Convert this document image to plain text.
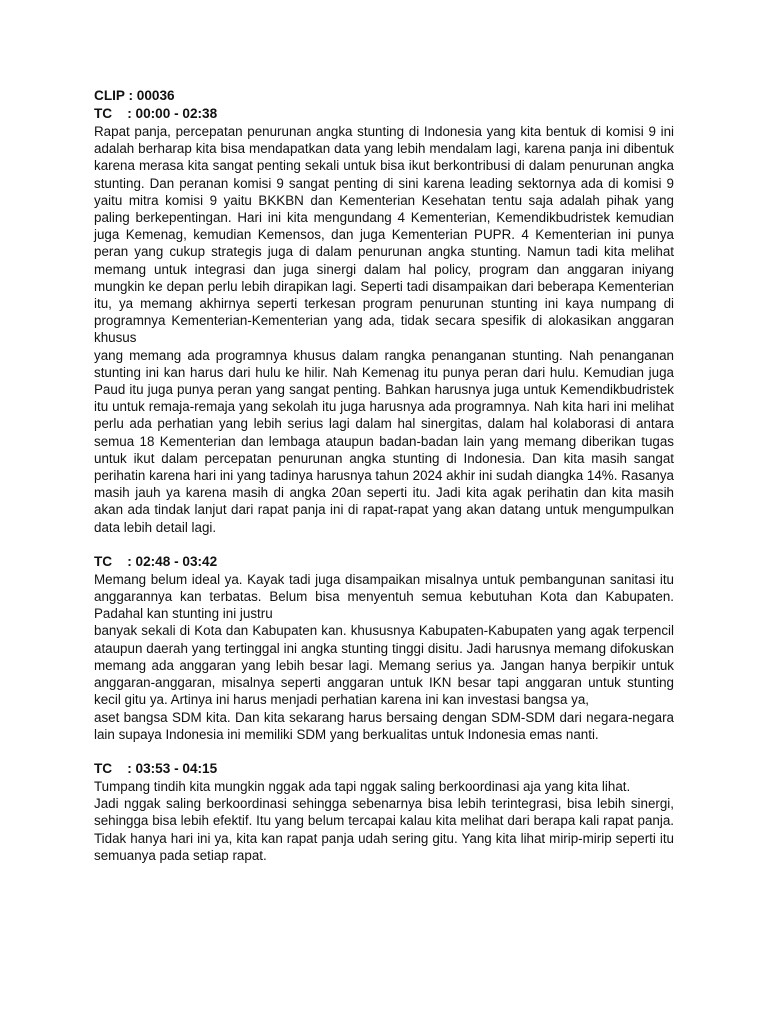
CLIP : 00036

TC    : 00:00 - 02:38

Rapat panja, percepatan penurunan angka stunting di Indonesia yang kita bentuk di komisi 9 ini adalah berharap kita bisa mendapatkan data yang lebih mendalam lagi, karena panja ini dibentuk karena merasa kita sangat penting sekali untuk bisa ikut berkontribusi di dalam penurunan angka stunting. Dan peranan komisi 9 sangat penting di sini karena leading sektornya ada di komisi 9 yaitu mitra komisi 9 yaitu BKKBN dan Kementerian Kesehatan tentu saja adalah pihak yang paling berkepentingan. Hari ini kita mengundang 4 Kementerian, Kemendikbudristek kemudian juga Kemenag, kemudian Kemensos, dan juga Kementerian PUPR. 4 Kementerian ini punya peran yang cukup strategis juga di dalam penurunan angka stunting. Namun tadi kita melihat memang untuk integrasi dan juga sinergi dalam hal policy, program dan anggaran iniyang mungkin ke depan perlu lebih dirapikan lagi. Seperti tadi disampaikan dari beberapa Kementerian itu, ya memang akhirnya seperti terkesan program penurunan stunting ini kaya numpang di programnya Kementerian-Kementerian yang ada, tidak secara spesifik di alokasikan anggaran khusus

yang memang ada programnya khusus dalam rangka penanganan stunting. Nah penanganan stunting ini kan harus dari hulu ke hilir. Nah Kemenag itu punya peran dari hulu. Kemudian juga Paud itu juga punya peran yang sangat penting. Bahkan harusnya juga untuk Kemendikbudristek itu untuk remaja-remaja yang sekolah itu juga harusnya ada programnya. Nah kita hari ini melihat perlu ada perhatian yang lebih serius lagi dalam hal sinergitas, dalam hal kolaborasi di antara semua 18 Kementerian dan lembaga ataupun badan-badan lain yang memang diberikan tugas untuk ikut dalam percepatan penurunan angka stunting di Indonesia. Dan kita masih sangat perihatin karena hari ini yang tadinya harusnya tahun 2024 akhir ini sudah diangka 14%. Rasanya masih jauh ya karena masih di angka 20an seperti itu. Jadi kita agak perihatin dan kita masih akan ada tindak lanjut dari rapat panja ini di rapat-rapat yang akan datang untuk mengumpulkan data lebih detail lagi.

TC    : 02:48 - 03:42

Memang belum ideal ya. Kayak tadi juga disampaikan misalnya untuk pembangunan sanitasi itu anggarannya kan terbatas. Belum bisa menyentuh semua kebutuhan Kota dan Kabupaten. Padahal kan stunting ini justru

banyak sekali di Kota dan Kabupaten kan. khususnya Kabupaten-Kabupaten yang agak terpencil ataupun daerah yang tertinggal ini angka stunting tinggi disitu. Jadi harusnya memang difokuskan memang ada anggaran yang lebih besar lagi. Memang serius ya. Jangan hanya berpikir untuk anggaran-anggaran, misalnya seperti anggaran untuk IKN besar tapi anggaran untuk stunting kecil gitu ya. Artinya ini harus menjadi perhatian karena ini kan investasi bangsa ya,

aset bangsa SDM kita. Dan kita sekarang harus bersaing dengan SDM-SDM dari negara-negara lain supaya Indonesia ini memiliki SDM yang berkualitas untuk Indonesia emas nanti.

TC    : 03:53 - 04:15

Tumpang tindih kita mungkin nggak ada tapi nggak saling berkoordinasi aja yang kita lihat.

Jadi nggak saling berkoordinasi sehingga sebenarnya bisa lebih terintegrasi, bisa lebih sinergi, sehingga bisa lebih efektif. Itu yang belum tercapai kalau kita melihat dari berapa kali rapat panja. Tidak hanya hari ini ya, kita kan rapat panja udah sering gitu. Yang kita lihat mirip-mirip seperti itu semuanya pada setiap rapat.
